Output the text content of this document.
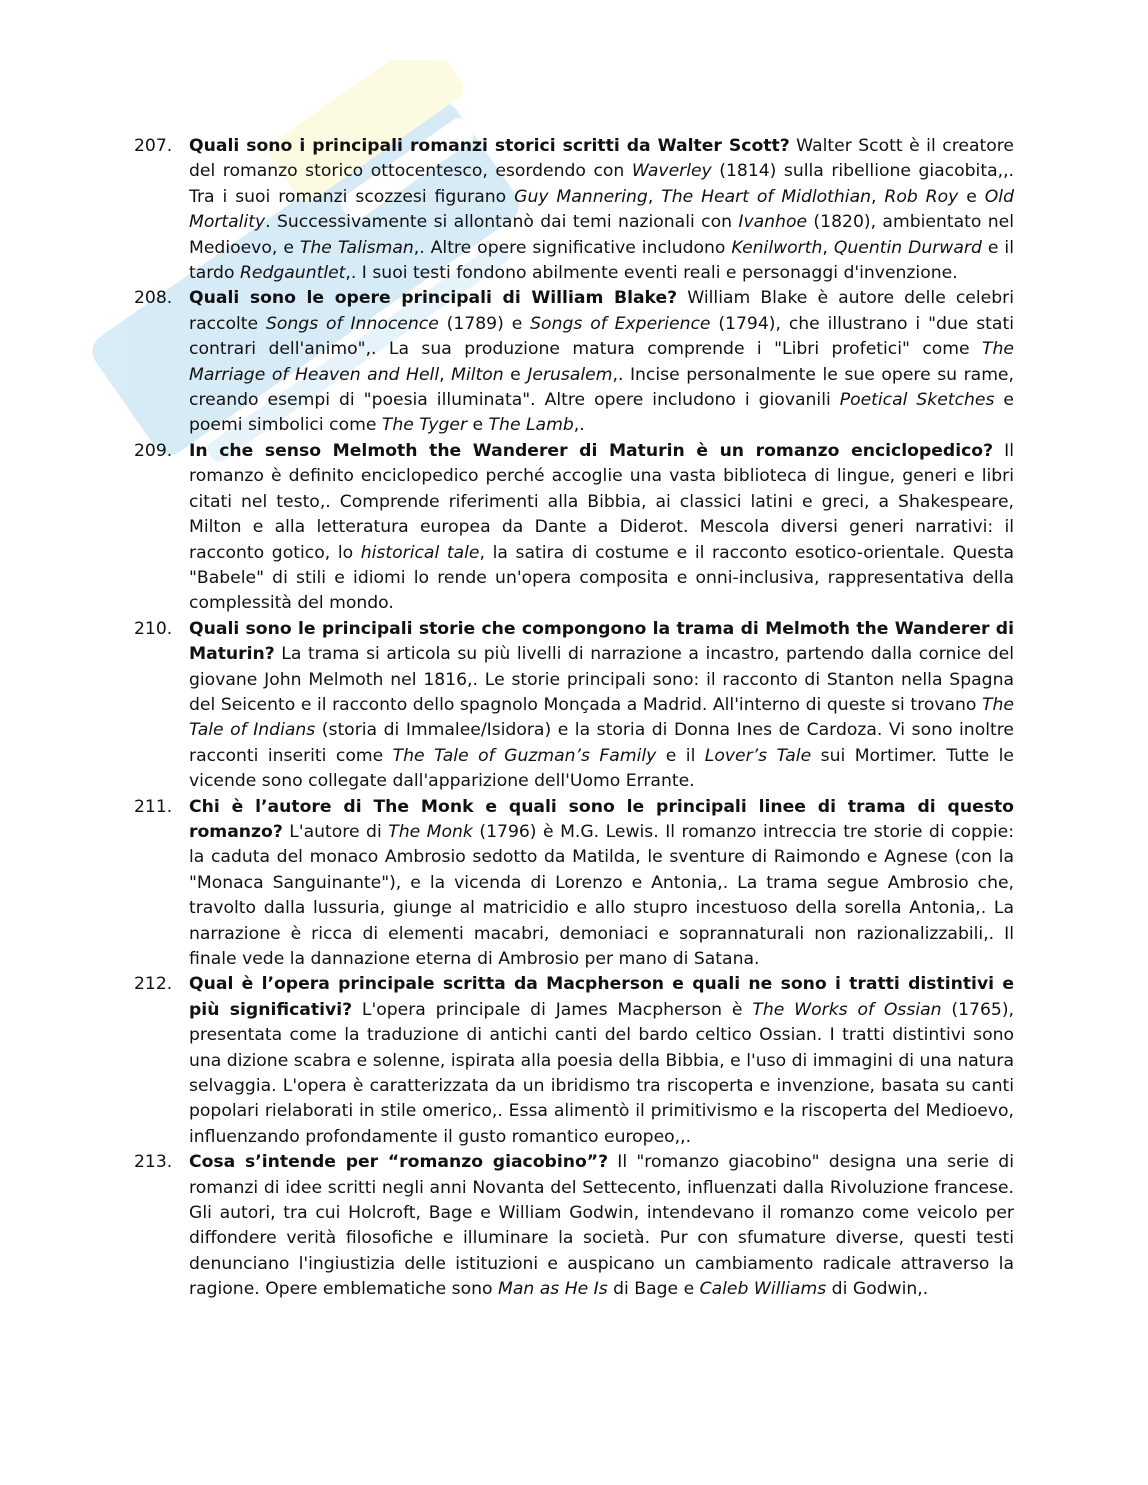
207. Quali sono i principali romanzi storici scritti da Walter Scott? Walter Scott è il creatore del romanzo storico ottocentesco, esordendo con Waverley (1814) sulla ribellione giacobita,,. Tra i suoi romanzi scozzesi figurano Guy Mannering, The Heart of Midlothian, Rob Roy e Old Mortality. Successivamente si allontanò dai temi nazionali con Ivanhoe (1820), ambientato nel Medioevo, e The Talisman,. Altre opere significative includono Kenilworth, Quentin Durward e il tardo Redgauntlet,. I suoi testi fondono abilmente eventi reali e personaggi d'invenzione.
208. Quali sono le opere principali di William Blake? William Blake è autore delle celebri raccolte Songs of Innocence (1789) e Songs of Experience (1794), che illustrano i "due stati contrari dell'animo",. La sua produzione matura comprende i "Libri profetici" come The Marriage of Heaven and Hell, Milton e Jerusalem,. Incise personalmente le sue opere su rame, creando esempi di "poesia illuminata". Altre opere includono i giovanili Poetical Sketches e poemi simbolici come The Tyger e The Lamb,.
209. In che senso Melmoth the Wanderer di Maturin è un romanzo enciclopedico? Il romanzo è definito enciclopedico perché accoglie una vasta biblioteca di lingue, generi e libri citati nel testo,. Comprende riferimenti alla Bibbia, ai classici latini e greci, a Shakespeare, Milton e alla letteratura europea da Dante a Diderot. Mescola diversi generi narrativi: il racconto gotico, lo historical tale, la satira di costume e il racconto esotico-orientale. Questa "Babele" di stili e idiomi lo rende un'opera composita e onni-inclusiva, rappresentativa della complessità del mondo.
210. Quali sono le principali storie che compongono la trama di Melmoth the Wanderer di Maturin? La trama si articola su più livelli di narrazione a incastro, partendo dalla cornice del giovane John Melmoth nel 1816,. Le storie principali sono: il racconto di Stanton nella Spagna del Seicento e il racconto dello spagnolo Monçada a Madrid. All'interno di queste si trovano The Tale of Indians (storia di Immalee/Isidora) e la storia di Donna Ines de Cardoza. Vi sono inoltre racconti inseriti come The Tale of Guzman’s Family e il Lover’s Tale sui Mortimer. Tutte le vicende sono collegate dall'apparizione dell'Uomo Errante.
211. Chi è l’autore di The Monk e quali sono le principali linee di trama di questo romanzo? L'autore di The Monk (1796) è M.G. Lewis. Il romanzo intreccia tre storie di coppie: la caduta del monaco Ambrosio sedotto da Matilda, le sventure di Raimondo e Agnese (con la "Monaca Sanguinante"), e la vicenda di Lorenzo e Antonia,. La trama segue Ambrosio che, travolto dalla lussuria, giunge al matricidio e allo stupro incestuoso della sorella Antonia,. La narrazione è ricca di elementi macabri, demoniaci e soprannaturali non razionalizzabili,. Il finale vede la dannazione eterna di Ambrosio per mano di Satana.
212. Qual è l’opera principale scritta da Macpherson e quali ne sono i tratti distintivi e più significativi? L'opera principale di James Macpherson è The Works of Ossian (1765), presentata come la traduzione di antichi canti del bardo celtico Ossian. I tratti distintivi sono una dizione scabra e solenne, ispirata alla poesia della Bibbia, e l'uso di immagini di una natura selvaggia. L'opera è caratterizzata da un ibridismo tra riscoperta e invenzione, basata su canti popolari rielaborati in stile omerico,. Essa alimentò il primitivismo e la riscoperta del Medioevo, influenzando profondamente il gusto romantico europeo,,.
213. Cosa s’intende per “romanzo giacobino”? Il "romanzo giacobino" designa una serie di romanzi di idee scritti negli anni Novanta del Settecento, influenzati dalla Rivoluzione francese. Gli autori, tra cui Holcroft, Bage e William Godwin, intendevano il romanzo come veicolo per diffondere verità filosofiche e illuminare la società. Pur con sfumature diverse, questi testi denunciano l'ingiustizia delle istituzioni e auspicano un cambiamento radicale attraverso la ragione. Opere emblematiche sono Man as He Is di Bage e Caleb Williams di Godwin,.
